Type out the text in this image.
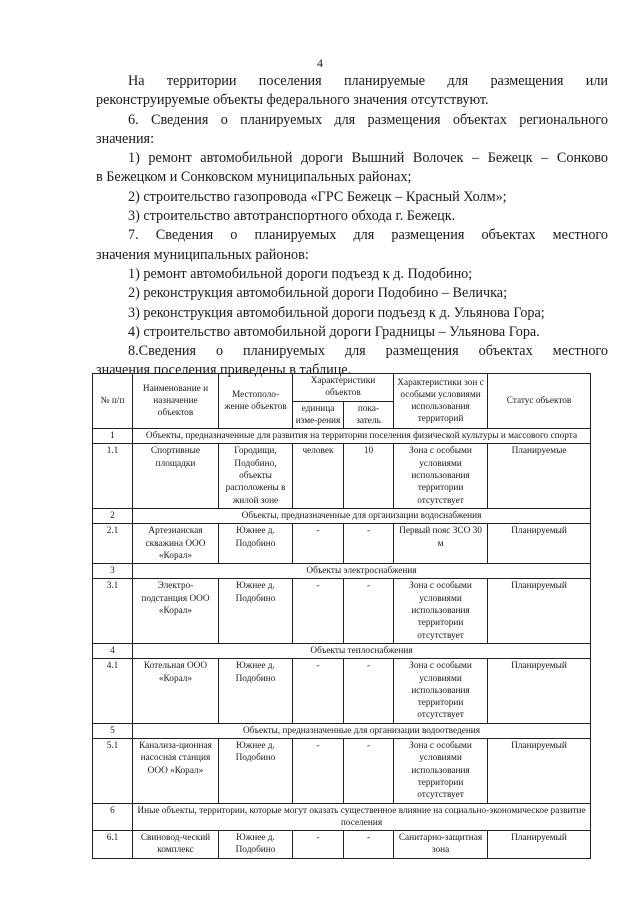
4

На территории поселения планируемые для размещения или

реконструируемые объекты федерального значения отсутствуют.

6. Сведения о планируемых для размещения объектах регионального

значения:

1) ремонт автомобильной дороги Вышний Волочек – Бежецк – Сонково

в Бежецком и Сонковском муниципальных районах;

2) строительство газопровода «ГРС Бежецк – Красный Холм»;

3) строительство автотранспортного обхода г. Бежецк.

7. Сведения о планируемых для размещения объектах местного

значения муниципальных районов:

1) ремонт автомобильной дороги подъезд к д. Подобино;

2) реконструкция автомобильной дороги Подобино – Величка;

3) реконструкция автомобильной дороги подъезд к д. Ульянова Гора;

4) строительство автомобильной дороги Градницы – Ульянова Гора.

8.Сведения о планируемых для размещения объектах местного

значения поселения приведены в таблице.

№ п/п	Наименование и назначение объектов	Местополо-жение объектов	Характеристики объектов		Характеристики зон с особыми условиями использования территорий	Статус объектов
			единица изме-рения	пока-затель		
1	Объекты, предназначенные для развития на территории поселения физической культуры и массового спорта					
1.1	Спортивные площадки	Городищи, Подобино, объекты расположены в жилой зоне	человек	10	Зона с особыми условиями использования территории отсутствует	Планируемые
2	Объекты, предназначенные для организации водоснабжения					
2.1	Артезианская скважина ООО «Корал»	Южнее д. Подобино	-	-	Первый пояс ЗСО 30 м	Планируемый
3	Объекты электроснабжения					
3.1	Электро-подстанция ООО «Корал»	Южнее д. Подобино	-	-	Зона с особыми условиями использования территории отсутствует	Планируемый
4	Объекты теплоснабжения					
4.1	Котельная ООО «Корал»	Южнее д. Подобино	-	-	Зона с особыми условиями использования территории отсутствует	Планируемый
5	Объекты, предназначенные для организации водоотведения					
5.1	Канализа-ционная насосная станция ООО «Корал»	Южнее д. Подобино	-	-	Зона с особыми условиями использования территории отсутствует	Планируемый
6	Иные объекты, территории, которые могут оказать существенное влияние на социально-экономическое развитие поселения					
6.1	Свиновод-ческий комплекс	Южнее д. Подобино	-	-	Санитарно-защитная зона	Планируемый
